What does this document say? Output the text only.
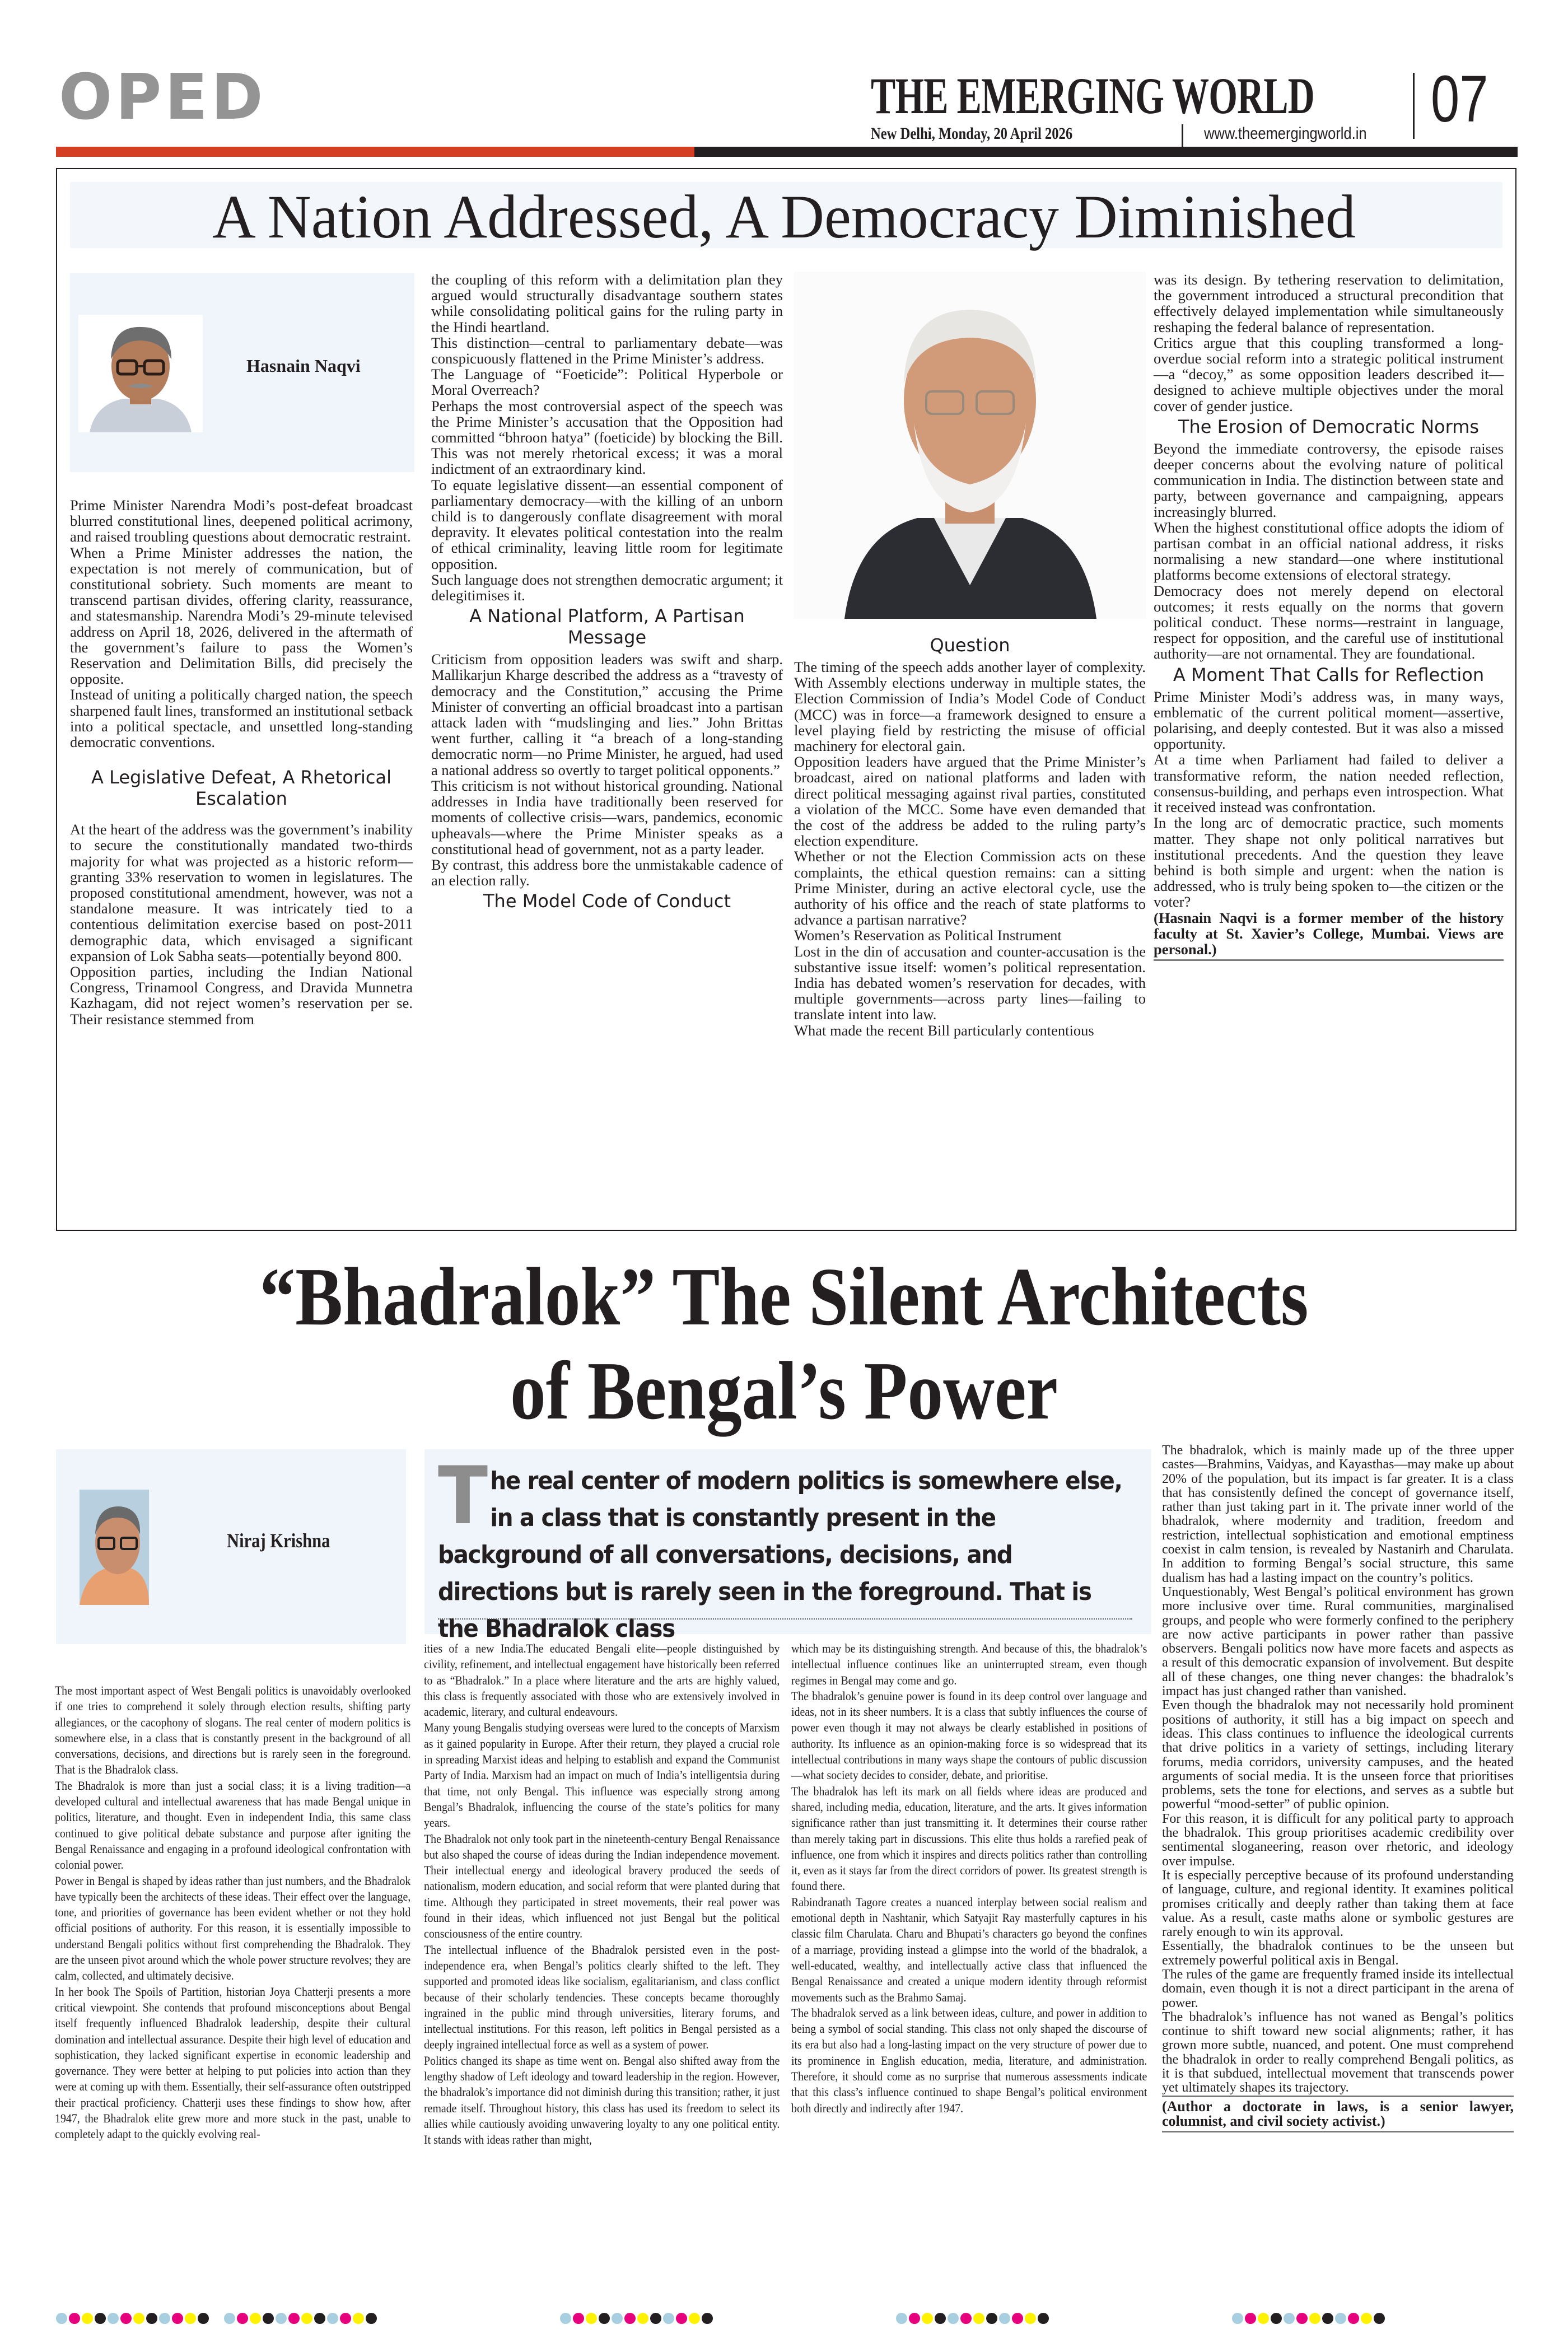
OPED	THE EMERGING WORLD
New Delhi, Monday, 20 April 2026	www.theemergingworld.in 07
A Nation Addressed, A Democracy Diminished
Hasnain Naqvi

Prime Minister Narendra Modi’s post-defeat broadcast blurred constitutional lines, deepened political acrimony, and raised troubling questions about democratic restraint.

When a Prime Minister addresses the nation, the expectation is not merely of communication, but of constitutional sobriety. Such moments are meant to transcend partisan divides, offering clarity, reassurance, and statesmanship. Narendra Modi’s 29-minute televised address on April 18, 2026, delivered in the aftermath of the government’s failure to pass the Women’s Reservation and Delimitation Bills, did precisely the opposite.

Instead of uniting a politically charged nation, the speech sharpened fault lines, transformed an institutional setback into a political spectacle, and unsettled long-standing democratic conventions.

A Legislative Defeat, A Rhetorical Escalation

At the heart of the address was the government’s inability to secure the constitutionally mandated two-thirds majority for what was projected as a historic reform—granting 33% reservation to women in legislatures. The proposed constitutional amendment, however, was not a standalone measure. It was intricately tied to a contentious delimitation exercise based on post-2011 demographic data, which envisaged a significant expansion of Lok Sabha seats—potentially beyond 800.

Opposition parties, including the Indian National Congress, Trinamool Congress, and Dravida Munnetra Kazhagam, did not reject women’s reservation per se. Their resistance stemmed from

the coupling of this reform with a delimitation plan they argued would structurally disadvantage southern states while consolidating political gains for the ruling party in the Hindi heartland.

This distinction—central to parliamentary debate—was conspicuously flattened in the Prime Minister’s address.

The Language of “Foeticide”: Political Hyperbole or Moral Overreach?

Perhaps the most controversial aspect of the speech was the Prime Minister’s accusation that the Opposition had committed “bhroon hatya” (foeticide) by blocking the Bill. This was not merely rhetorical excess; it was a moral indictment of an extraordinary kind.

To equate legislative dissent—an essential component of parliamentary democracy—with the killing of an unborn child is to dangerously conflate disagreement with moral depravity. It elevates political contestation into the realm of ethical criminality, leaving little room for legitimate opposition.

Such language does not strengthen democratic argument; it delegitimises it.

A National Platform, A Partisan Message

Criticism from opposition leaders was swift and sharp. Mallikarjun Kharge described the address as a “travesty of democracy and the Constitution,” accusing the Prime Minister of converting an official broadcast into a partisan attack laden with “mudslinging and lies.” John Brittas went further, calling it “a breach of a long-standing democratic norm—no Prime Minister, he argued, had used a national address so overtly to target political opponents.”

This criticism is not without historical grounding. National addresses in India have traditionally been reserved for moments of collective crisis—wars, pandemics, economic upheavals—where the Prime Minister speaks as a constitutional head of government, not as a party leader.

By contrast, this address bore the unmistakable cadence of an election rally.

The Model Code of Conduct
Question

The timing of the speech adds another layer of complexity. With Assembly elections underway in multiple states, the Election Commission of India’s Model Code of Conduct (MCC) was in force—a framework designed to ensure a level playing field by restricting the misuse of official machinery for electoral gain.

Opposition leaders have argued that the Prime Minister’s broadcast, aired on national platforms and laden with direct political messaging against rival parties, constituted a violation of the MCC. Some have even demanded that the cost of the address be added to the ruling party’s election expenditure.

Whether or not the Election Commission acts on these complaints, the ethical question remains: can a sitting Prime Minister, during an active electoral cycle, use the authority of his office and the reach of state platforms to advance a partisan narrative?

Women’s Reservation as Political Instrument

Lost in the din of accusation and counter-accusation is the substantive issue itself: women’s political representation. India has debated women’s reservation for decades, with multiple governments—across party lines—failing to translate intent into law.

What made the recent Bill particularly contentious

was its design. By tethering reservation to delimitation, the government introduced a structural precondition that effectively delayed implementation while simultaneously reshaping the federal balance of representation.

Critics argue that this coupling transformed a long-overdue social reform into a strategic political instrument—a “decoy,” as some opposition leaders described it—designed to achieve multiple objectives under the moral cover of gender justice.

The Erosion of Democratic Norms

Beyond the immediate controversy, the episode raises deeper concerns about the evolving nature of political communication in India. The distinction between state and party, between governance and campaigning, appears increasingly blurred.

When the highest constitutional office adopts the idiom of partisan combat in an official national address, it risks normalising a new standard—one where institutional platforms become extensions of electoral strategy.

Democracy does not merely depend on electoral outcomes; it rests equally on the norms that govern political conduct. These norms—restraint in language, respect for opposition, and the careful use of institutional authority—are not ornamental. They are foundational.

A Moment That Calls for Reflection

Prime Minister Modi’s address was, in many ways, emblematic of the current political moment—assertive, polarising, and deeply contested. But it was also a missed opportunity.

At a time when Parliament had failed to deliver a transformative reform, the nation needed reflection, consensus-building, and perhaps even introspection. What it received instead was confrontation.

In the long arc of democratic practice, such moments matter. They shape not only political narratives but institutional precedents. And the question they leave behind is both simple and urgent: when the nation is addressed, who is truly being spoken to—the citizen or the voter?

(Hasnain Naqvi is a former member of the history faculty at St. Xavier’s College, Mumbai. Views are personal.)

“Bhadralok” The Silent Architects
of Bengal’s Power
Niraj Krishna The real center of modern politics is somewhere else, in a class that is constantly present in the background of all conversations, decisions, and directions but is rarely seen in the foreground. That is the Bhadralok class

The most important aspect of West Bengali politics is unavoidably overlooked if one tries to comprehend it solely through election results, shifting party allegiances, or the cacophony of slogans. The real center of modern politics is somewhere else, in a class that is constantly present in the background of all conversations, decisions, and directions but is rarely seen in the foreground. That is the Bhadralok class.

The Bhadralok is more than just a social class; it is a living tradition—a developed cultural and intellectual awareness that has made Bengal unique in politics, literature, and thought. Even in independent India, this same class continued to give political debate substance and purpose after igniting the Bengal Renaissance and engaging in a profound ideological confrontation with colonial power.

Power in Bengal is shaped by ideas rather than just numbers, and the Bhadralok have typically been the architects of these ideas. Their effect over the language, tone, and priorities of governance has been evident whether or not they hold official positions of authority. For this reason, it is essentially impossible to understand Bengali politics without first comprehending the Bhadralok. They are the unseen pivot around which the whole power structure revolves; they are calm, collected, and ultimately decisive.

In her book The Spoils of Partition, historian Joya Chatterji presents a more critical viewpoint. She contends that profound misconceptions about Bengal itself frequently influenced Bhadralok leadership, despite their cultural domination and intellectual assurance. Despite their high level of education and sophistication, they lacked significant expertise in economic leadership and governance. They were better at helping to put policies into action than they were at coming up with them. Essentially, their self-assurance often outstripped their practical proficiency. Chatterji uses these findings to show how, after 1947, the Bhadralok elite grew more and more stuck in the past, unable to completely adapt to the quickly evolving real-

ities of a new India.The educated Bengali elite—people distinguished by civility, refinement, and intellectual engagement have historically been referred to as “Bhadralok.” In a place where literature and the arts are highly valued, this class is frequently associated with those who are extensively involved in academic, literary, and cultural endeavours.

Many young Bengalis studying overseas were lured to the concepts of Marxism as it gained popularity in Europe. After their return, they played a crucial role in spreading Marxist ideas and helping to establish and expand the Communist Party of India. Marxism had an impact on much of India’s intelligentsia during that time, not only Bengal. This influence was especially strong among Bengal’s Bhadralok, influencing the course of the state’s politics for many years.

The Bhadralok not only took part in the nineteenth-century Bengal Renaissance but also shaped the course of ideas during the Indian independence movement. Their intellectual energy and ideological bravery produced the seeds of nationalism, modern education, and social reform that were planted during that time. Although they participated in street movements, their real power was found in their ideas, which influenced not just Bengal but the political consciousness of the entire country.

The intellectual influence of the Bhadralok persisted even in the post-independence era, when Bengal’s politics clearly shifted to the left. They supported and promoted ideas like socialism, egalitarianism, and class conflict because of their scholarly tendencies. These concepts became thoroughly ingrained in the public mind through universities, literary forums, and intellectual institutions. For this reason, left politics in Bengal persisted as a deeply ingrained intellectual force as well as a system of power.

Politics changed its shape as time went on. Bengal also shifted away from the lengthy shadow of Left ideology and toward leadership in the region. However, the bhadralok’s importance did not diminish during this transition; rather, it just remade itself. Throughout history, this class has used its freedom to select its allies while cautiously avoiding unwavering loyalty to any one political entity. It stands with ideas rather than might,

which may be its distinguishing strength. And because of this, the bhadralok’s intellectual influence continues like an uninterrupted stream, even though regimes in Bengal may come and go.

The bhadralok’s genuine power is found in its deep control over language and ideas, not in its sheer numbers. It is a class that subtly influences the course of power even though it may not always be clearly established in positions of authority. Its influence as an opinion-making force is so widespread that its intellectual contributions in many ways shape the contours of public discussion—what society decides to consider, debate, and prioritise.

The bhadralok has left its mark on all fields where ideas are produced and shared, including media, education, literature, and the arts. It gives information significance rather than just transmitting it. It determines their course rather than merely taking part in discussions. This elite thus holds a rarefied peak of influence, one from which it inspires and directs politics rather than controlling it, even as it stays far from the direct corridors of power. Its greatest strength is found there.

Rabindranath Tagore creates a nuanced interplay between social realism and emotional depth in Nashtanir, which Satyajit Ray masterfully captures in his classic film Charulata. Charu and Bhupati’s characters go beyond the confines of a marriage, providing instead a glimpse into the world of the bhadralok, a well-educated, wealthy, and intellectually active class that influenced the Bengal Renaissance and created a unique modern identity through reformist movements such as the Brahmo Samaj.

The bhadralok served as a link between ideas, culture, and power in addition to being a symbol of social standing. This class not only shaped the discourse of its era but also had a long-lasting impact on the very structure of power due to its prominence in English education, media, literature, and administration. Therefore, it should come as no surprise that numerous assessments indicate that this class’s influence continued to shape Bengal’s political environment both directly and indirectly after 1947.

The bhadralok, which is mainly made up of the three upper castes—Brahmins, Vaidyas, and Kayasthas—may make up about 20% of the population, but its impact is far greater. It is a class that has consistently defined the concept of governance itself, rather than just taking part in it. The private inner world of the bhadralok, where modernity and tradition, freedom and restriction, intellectual sophistication and emotional emptiness coexist in calm tension, is revealed by Nastanirh and Charulata. In addition to forming Bengal’s social structure, this same dualism has had a lasting impact on the country’s politics.

Unquestionably, West Bengal’s political environment has grown more inclusive over time. Rural communities, marginalised groups, and people who were formerly confined to the periphery are now active participants in power rather than passive observers. Bengali politics now have more facets and aspects as a result of this democratic expansion of involvement. But despite all of these changes, one thing never changes: the bhadralok’s impact has just changed rather than vanished.

Even though the bhadralok may not necessarily hold prominent positions of authority, it still has a big impact on speech and ideas. This class continues to influence the ideological currents that drive politics in a variety of settings, including literary forums, media corridors, university campuses, and the heated arguments of social media. It is the unseen force that prioritises problems, sets the tone for elections, and serves as a subtle but powerful “mood-setter” of public opinion.

For this reason, it is difficult for any political party to approach the bhadralok. This group prioritises academic credibility over sentimental sloganeering, reason over rhetoric, and ideology over impulse.

It is especially perceptive because of its profound understanding of language, culture, and regional identity. It examines political promises critically and deeply rather than taking them at face value. As a result, caste maths alone or symbolic gestures are rarely enough to win its approval.

Essentially, the bhadralok continues to be the unseen but extremely powerful political axis in Bengal.

The rules of the game are frequently framed inside its intellectual domain, even though it is not a direct participant in the arena of power.

The bhadralok’s influence has not waned as Bengal’s politics continue to shift toward new social alignments; rather, it has grown more subtle, nuanced, and potent. One must comprehend the bhadralok in order to really comprehend Bengali politics, as it is that subdued, intellectual movement that transcends power yet ultimately shapes its trajectory.

(Author a doctorate in laws, is a senior lawyer, columnist, and civil society activist.)
